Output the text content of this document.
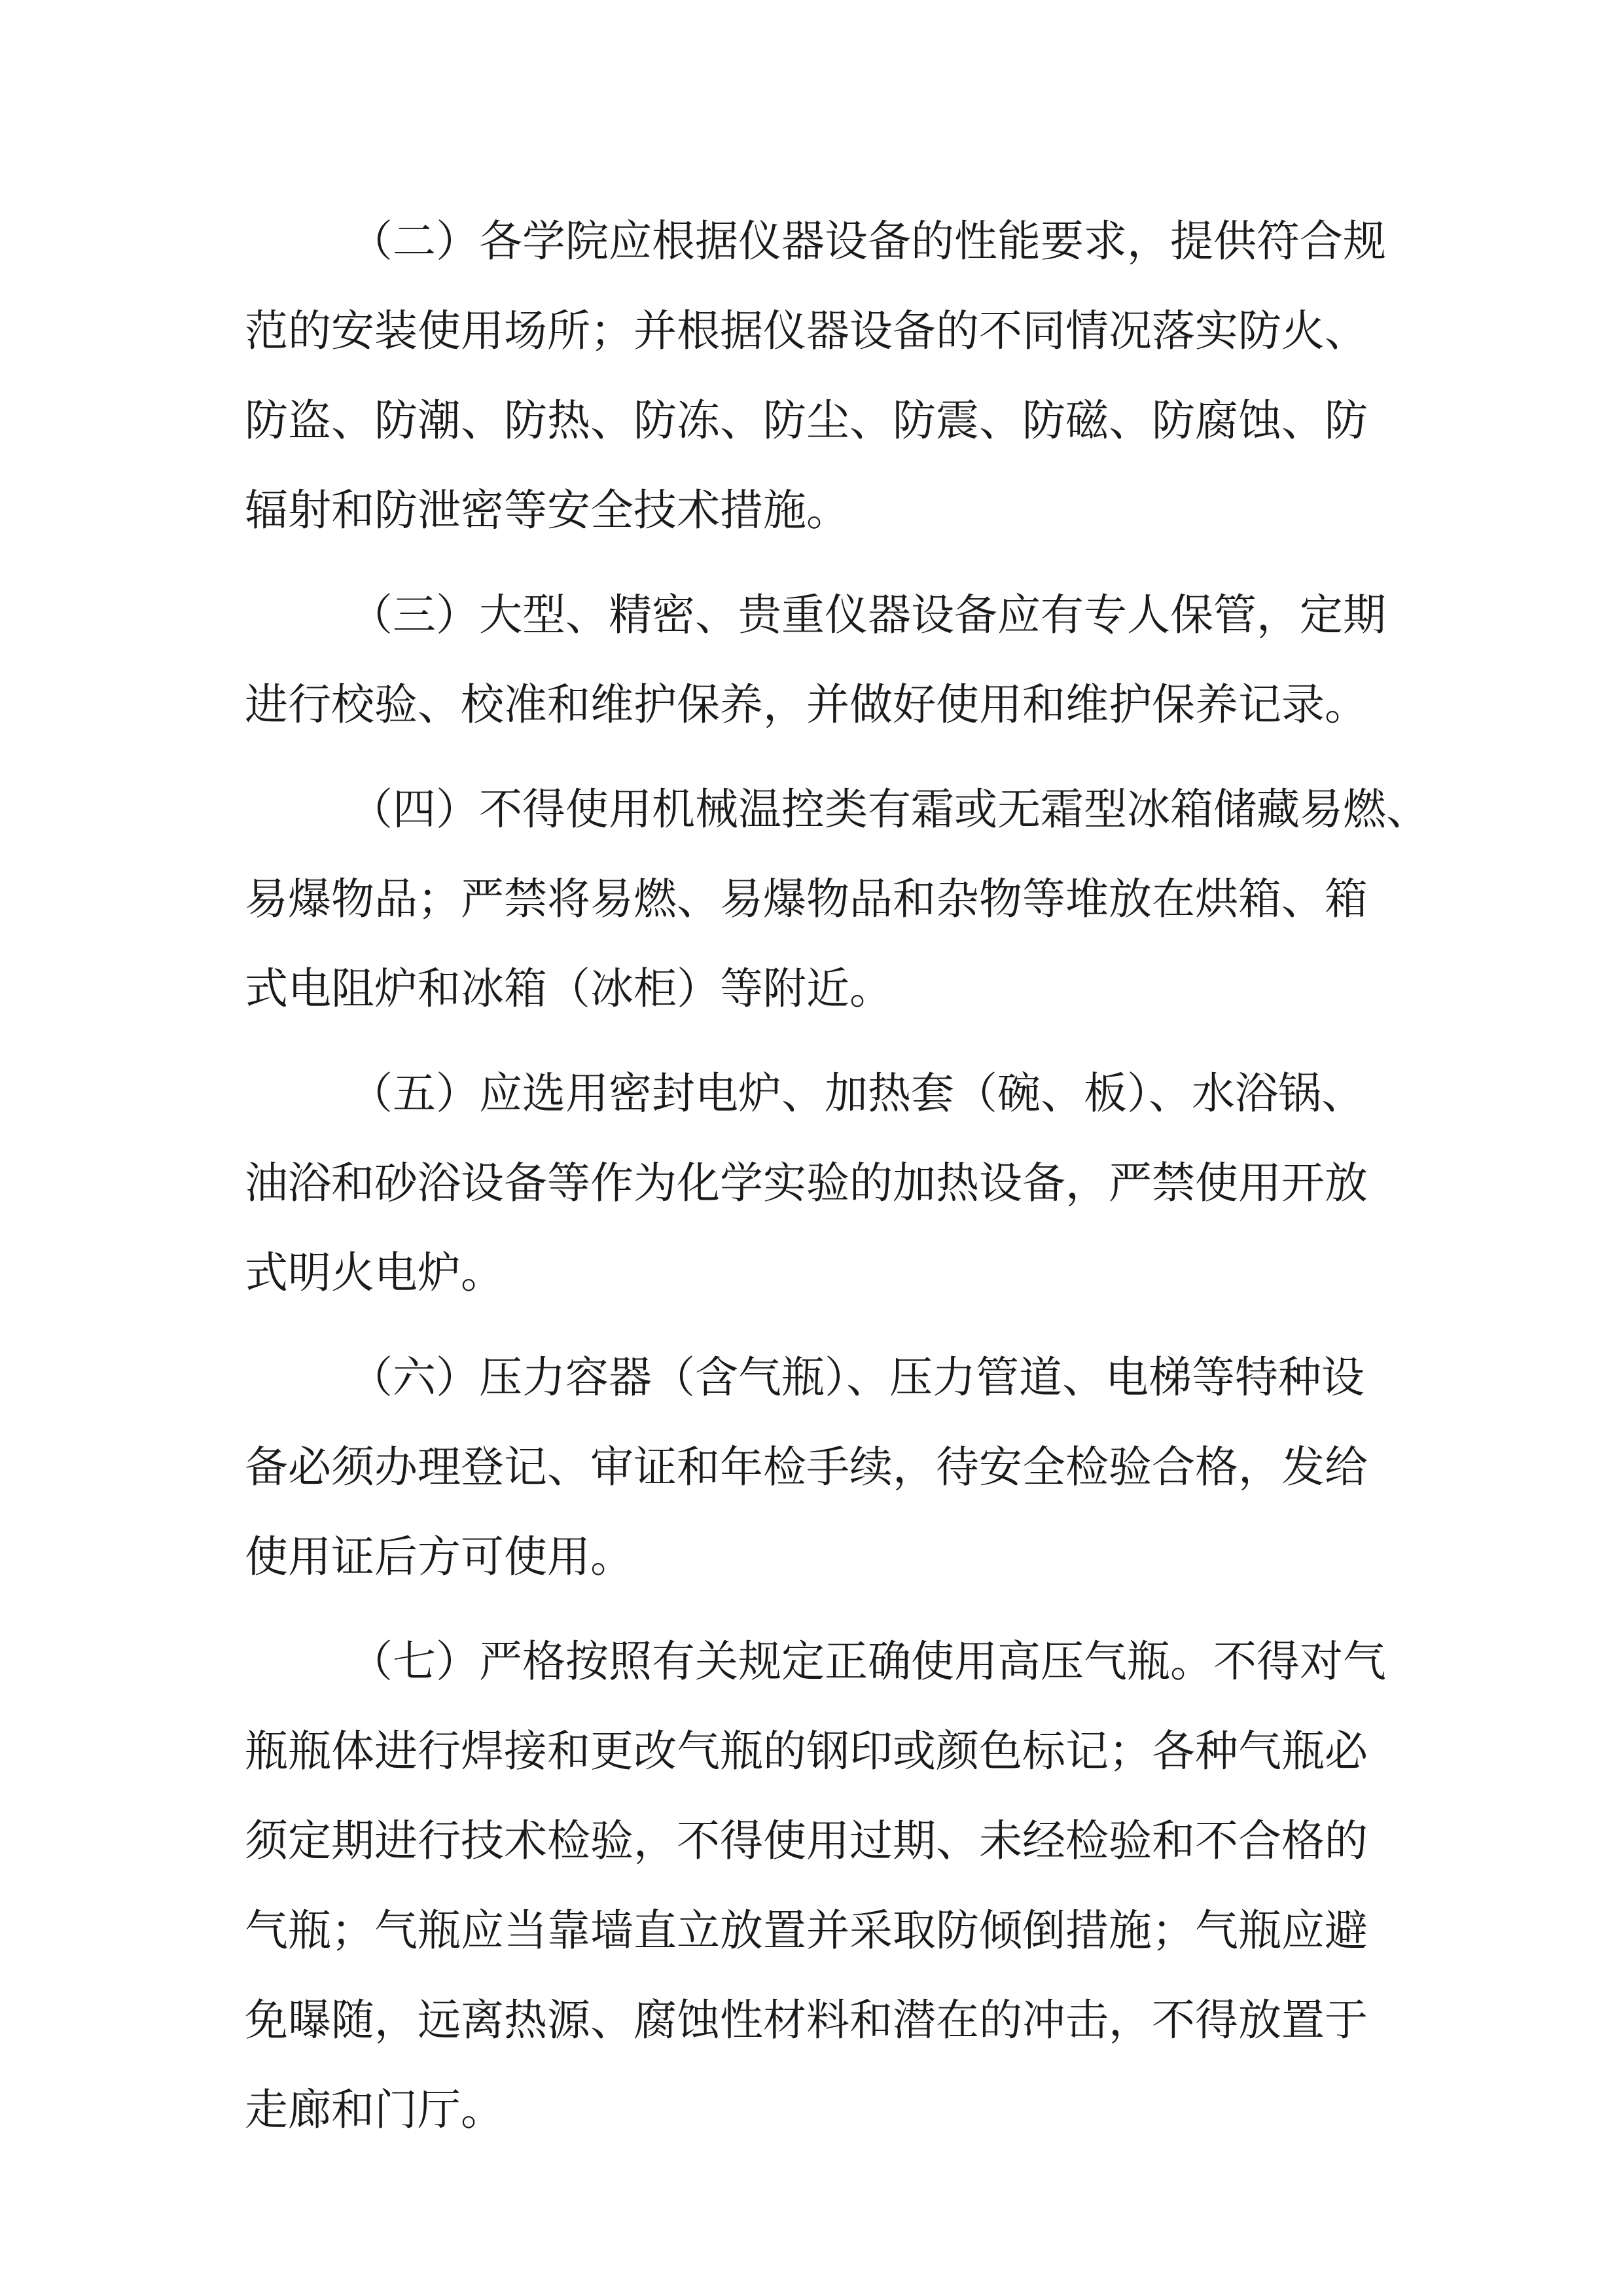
（二）各学院应根据仪器设备的性能要求，提供符合规
范的安装使用场所；并根据仪器设备的不同情况落实防火、
防盗、防潮、防热、防冻、防尘、防震、防磁、防腐蚀、防
辐射和防泄密等安全技术措施。

（三）大型、精密、贵重仪器设备应有专人保管，定期
进行校验、校准和维护保养，并做好使用和维护保养记录。

（四）不得使用机械温控类有霜或无霜型冰箱储藏易燃、
易爆物品；严禁将易燃、易爆物品和杂物等堆放在烘箱、箱
式电阻炉和冰箱（冰柜）等附近。

（五）应选用密封电炉、加热套（碗、板）、水浴锅、
油浴和砂浴设备等作为化学实验的加热设备，严禁使用开放
式明火电炉。

（六）压力容器（含气瓶）、压力管道、电梯等特种设
备必须办理登记、审证和年检手续，待安全检验合格，发给
使用证后方可使用。

（七）严格按照有关规定正确使用高压气瓶。不得对气
瓶瓶体进行焊接和更改气瓶的钢印或颜色标记；各种气瓶必
须定期进行技术检验，不得使用过期、未经检验和不合格的
气瓶；气瓶应当靠墙直立放置并采取防倾倒措施；气瓶应避
免曝随，远离热源、腐蚀性材料和潜在的冲击，不得放置于
走廊和门厅。
